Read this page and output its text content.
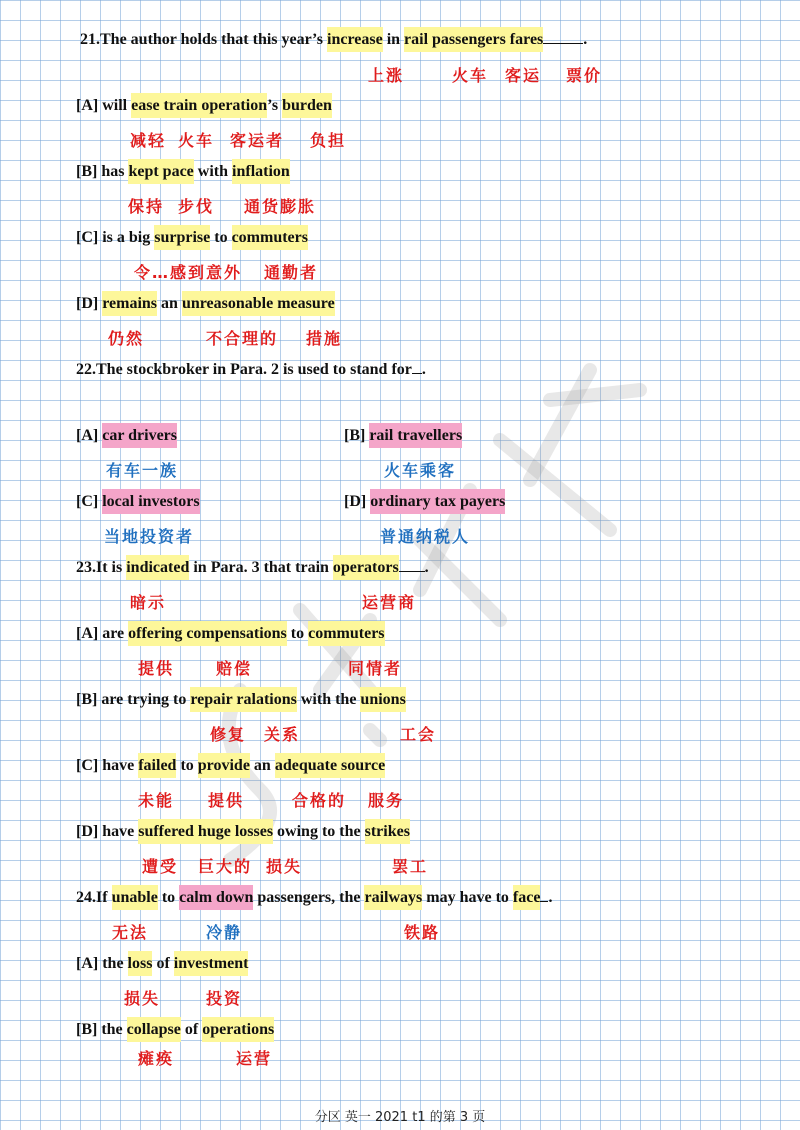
21.The author holds that this year’s increase in rail passengers fares	.
上涨	火车 客运 票价
[A] will ease train operation’s burden
减轻 火车 客运者 负担
[B] has kept pace with inflation
保持 步伐 通货膨胀
[C] is a big surprise to commuters
令…感到意外 通勤者
[D] remains an unreasonable measure
仍然	不合理的 措施
22.The stockbroker in Para. 2 is used to stand for .
[A] car drivers
有车一族
[B] rail travellers
火车乘客
[C] local investors
当地投资者
[D] ordinary tax payers
普通纳税人
23.It is indicated in Para. 3 that train operators .
暗示	运营商
[A] are offering compensations to commuters
提供	赔偿	同情者
[B] are trying to repair ralations with the unions
修复 关系	工会
[C] have failed to provide an adequate source
未能 提供	合格的 服务
[D] have suffered huge losses owing to the strikes
遭受 巨大的 损失	罢工
24.If unable to calm down passengers, the railways may have to face .
无法	冷静	铁路
[A] the loss of investment
损失	投资
[B] the collapse of operations
瘫痪	运营
分区 英一 2021 t1 的第 3 页
